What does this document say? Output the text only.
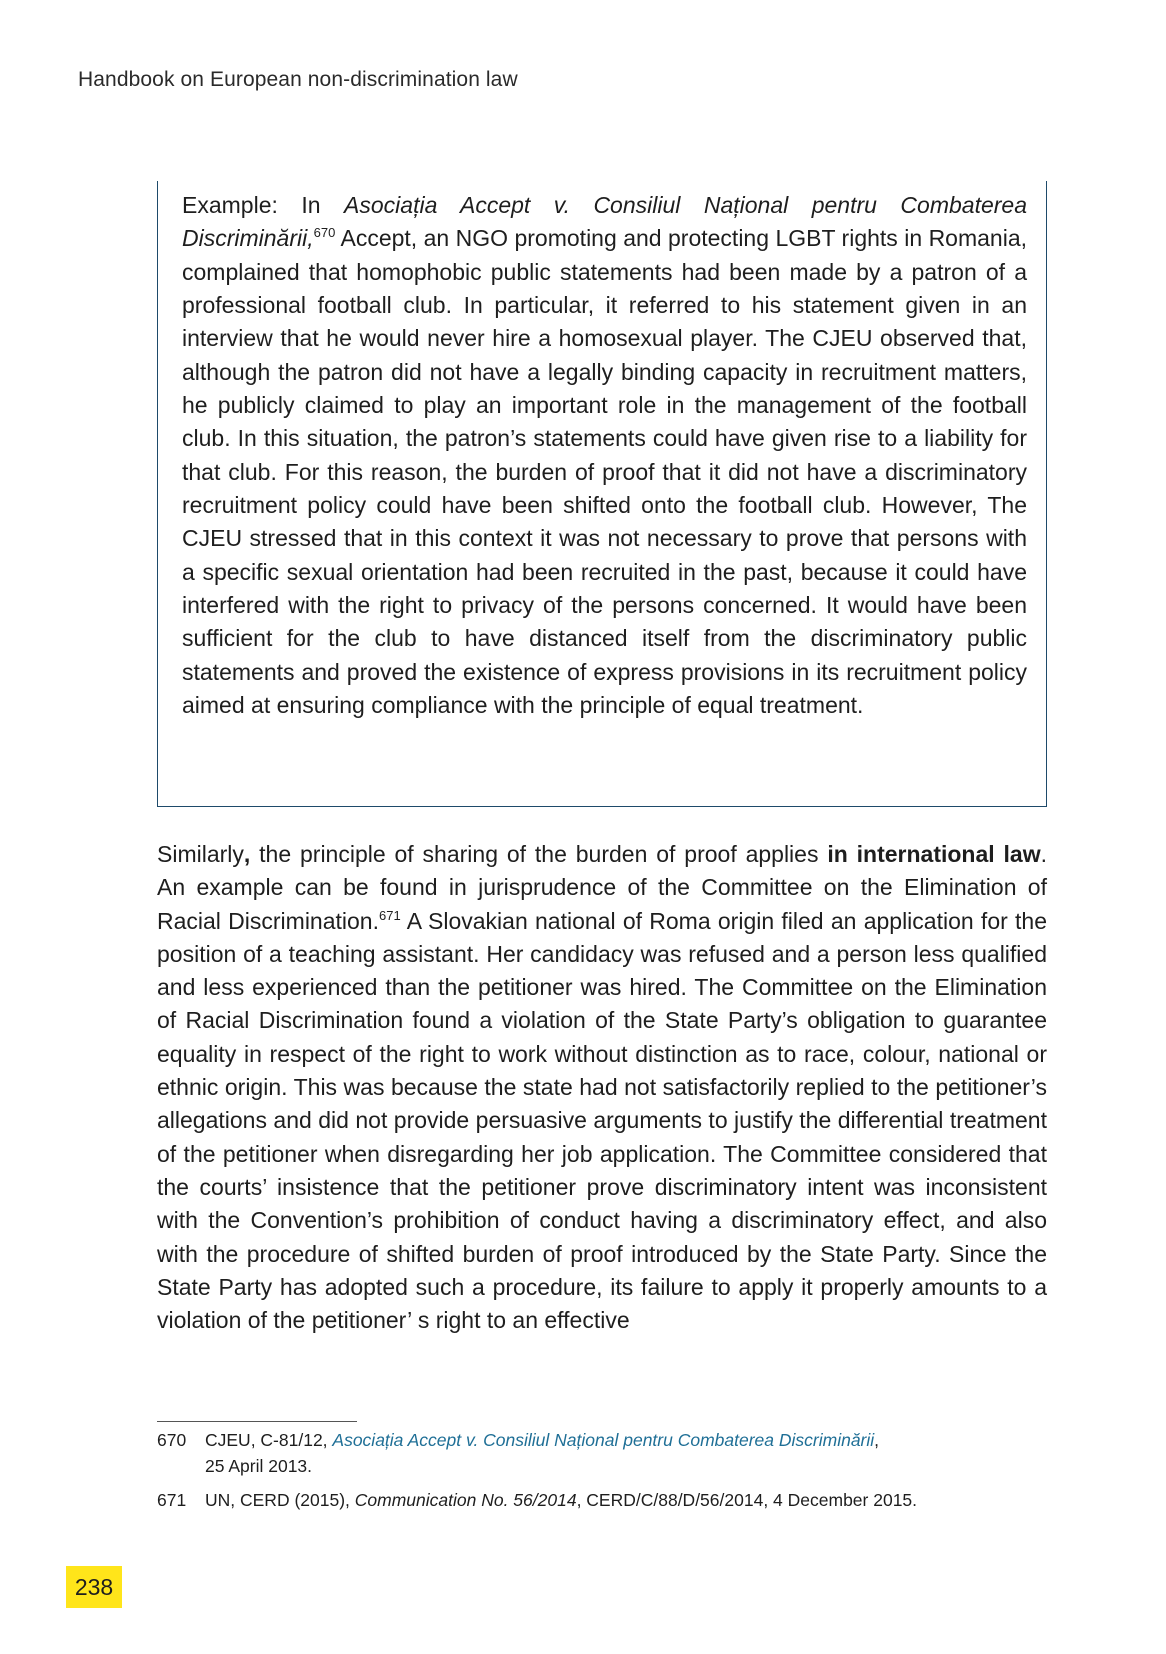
Handbook on European non-discrimination law

Example: In Asociația Accept v. Consiliul Național pentru Combaterea Discriminării,$^{670}$ Accept, an NGO promoting and protecting LGBT rights in Romania, complained that homophobic public statements had been made by a patron of a professional football club. In particular, it referred to his statement given in an interview that he would never hire a homosexual player. The CJEU observed that, although the patron did not have a legally binding capacity in recruitment matters, he publicly claimed to play an important role in the management of the football club. In this situation, the patron’s statements could have given rise to a liability for that club. For this reason, the burden of proof that it did not have a discriminatory recruitment policy could have been shifted onto the football club. However, The CJEU stressed that in this context it was not necessary to prove that persons with a specific sexual orientation had been recruited in the past, because it could have interfered with the right to privacy of the persons concerned. It would have been sufficient for the club to have distanced itself from the discriminatory public statements and proved the existence of express provisions in its recruitment policy aimed at ensuring compliance with the principle of equal treatment.

Similarly, the principle of sharing of the burden of proof applies in international law. An example can be found in jurisprudence of the Committee on the Elimination of Racial Discrimination.$^{671}$ A Slovakian national of Roma origin filed an application for the position of a teaching assistant. Her candidacy was refused and a person less qualified and less experienced than the petitioner was hired. The Committee on the Elimination of Racial Discrimination found a violation of the State Party’s obligation to guarantee equality in respect of the right to work without distinction as to race, colour, national or ethnic origin. This was because the state had not satisfactorily replied to the petitioner’s allegations and did not provide persuasive arguments to justify the differential treatment of the petitioner when disregarding her job application. The Committee considered that the courts’ insistence that the petitioner prove discriminatory intent was inconsistent with the Convention’s prohibition of conduct having a discriminatory effect, and also with the procedure of shifted burden of proof introduced by the State Party. Since the State Party has adopted such a procedure, its failure to apply it properly amounts to a violation of the petitioner’ s right to an effective

670 CJEU, C-81/12, Asociația Accept v. Consiliul Național pentru Combaterea Discriminării,
25 April 2013.
671 UN, CERD (2015), Communication No. 56/2014, CERD/C/88/D/56/2014, 4 December 2015.
238
